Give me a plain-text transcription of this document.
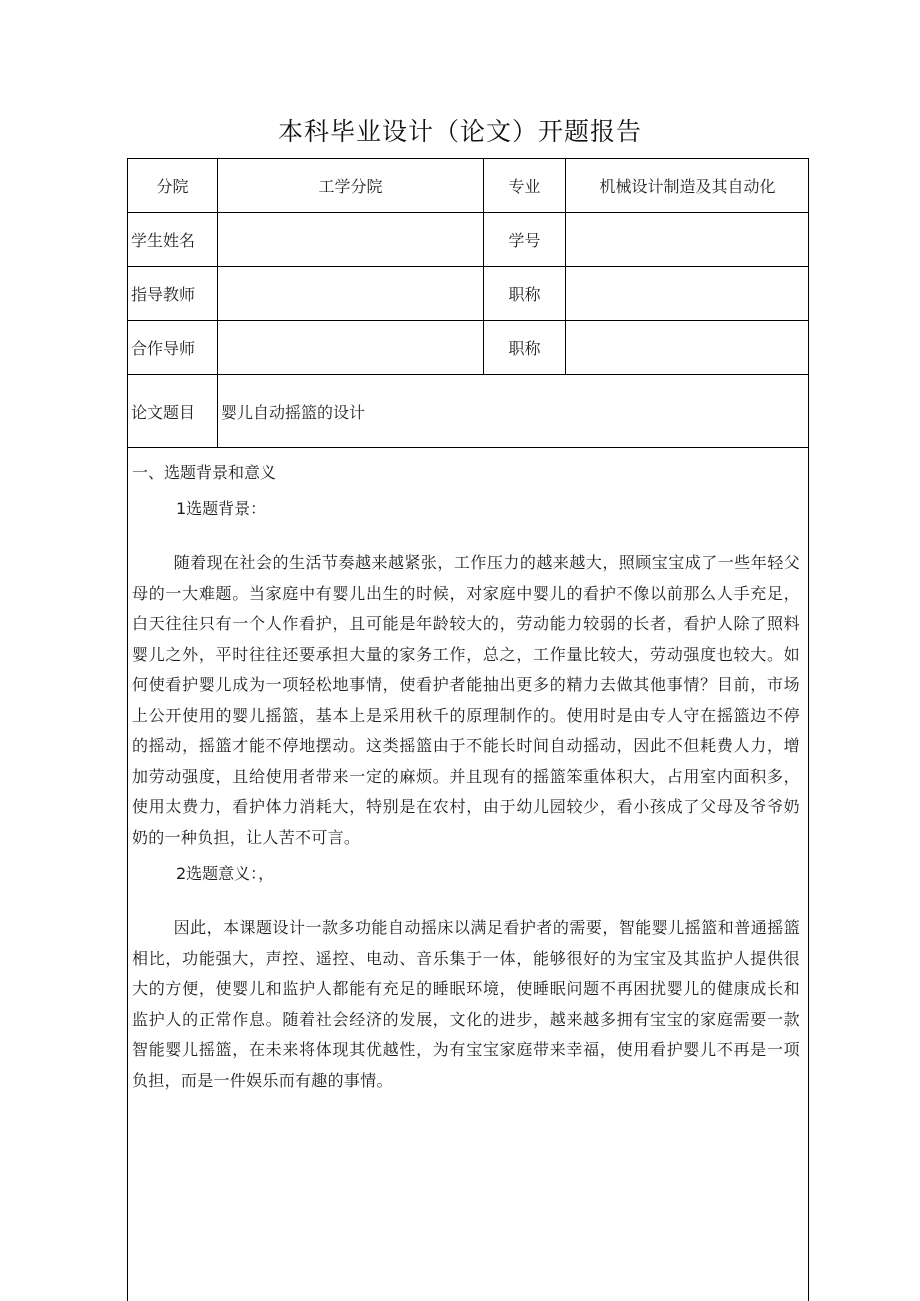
本科毕业设计（论文）开题报告
分院	工学分院	专业	机械设计制造及其自动化
学生姓名		学号	
指导教师		职称	
合作导师		职称	
论文题目	婴儿自动摇篮的设计		

一、选题背景和意义

1选题背景：

随着现在社会的生活节奏越来越紧张，工作压力的越来越大，照顾宝宝成了一些年轻父母的一大难题。当家庭中有婴儿出生的时候，对家庭中婴儿的看护不像以前那么人手充足，白天往往只有一个人作看护，且可能是年龄较大的，劳动能力较弱的长者，看护人除了照料婴儿之外，平时往往还要承担大量的家务工作，总之，工作量比较大，劳动强度也较大。如何使看护婴儿成为一项轻松地事情，使看护者能抽出更多的精力去做其他事情？目前，市场上公开使用的婴儿摇篮，基本上是采用秋千的原理制作的。使用时是由专人守在摇篮边不停的摇动，摇篮才能不停地摆动。这类摇篮由于不能长时间自动摇动，因此不但耗费人力，增加劳动强度，且给使用者带来一定的麻烦。并且现有的摇篮笨重体积大，占用室内面积多，使用太费力，看护体力消耗大，特别是在农村，由于幼儿园较少，看小孩成了父母及爷爷奶奶的一种负担，让人苦不可言。

2选题意义：，

因此，本课题设计一款多功能自动摇床以满足看护者的需要，智能婴儿摇篮和普通摇篮相比，功能强大，声控、遥控、电动、音乐集于一体，能够很好的为宝宝及其监护人提供很大的方便，使婴儿和监护人都能有充足的睡眠环境，使睡眠问题不再困扰婴儿的健康成长和监护人的正常作息。随着社会经济的发展，文化的进步，越来越多拥有宝宝的家庭需要一款智能婴儿摇篮，在未来将体现其优越性，为有宝宝家庭带来幸福，使用看护婴儿不再是一项负担，而是一件娱乐而有趣的事情。
